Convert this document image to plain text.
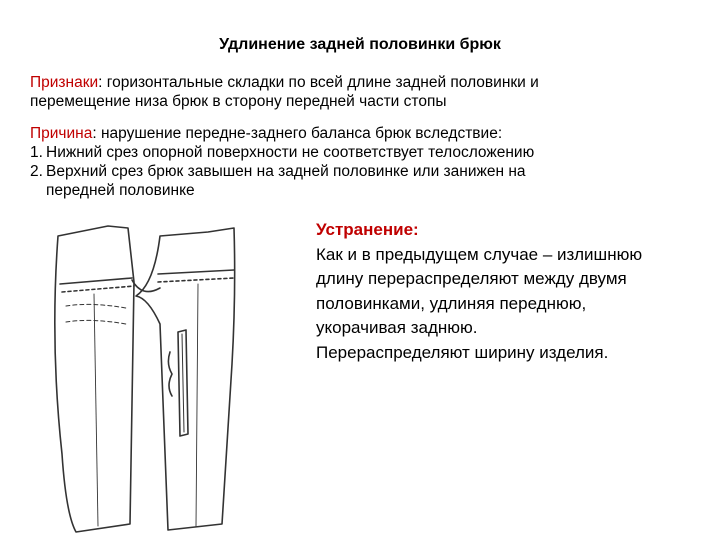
Удлинение задней половинки брюк
Признаки: горизонтальные складки по всей длине задней половинки и
перемещение низа брюк в сторону передней части стопы
Причина: нарушение передне-заднего баланса брюк вследствие:
1. Нижний срез опорной поверхности не соответствует телосложению
2. Верхний срез брюк завышен на задней половинке или занижен на
передней половинке
Устранение:
Как и в предыдущем случае – излишнюю
длину перераспределяют между двумя
половинками, удлиняя переднюю,
укорачивая заднюю.
Перераспределяют ширину изделия.
